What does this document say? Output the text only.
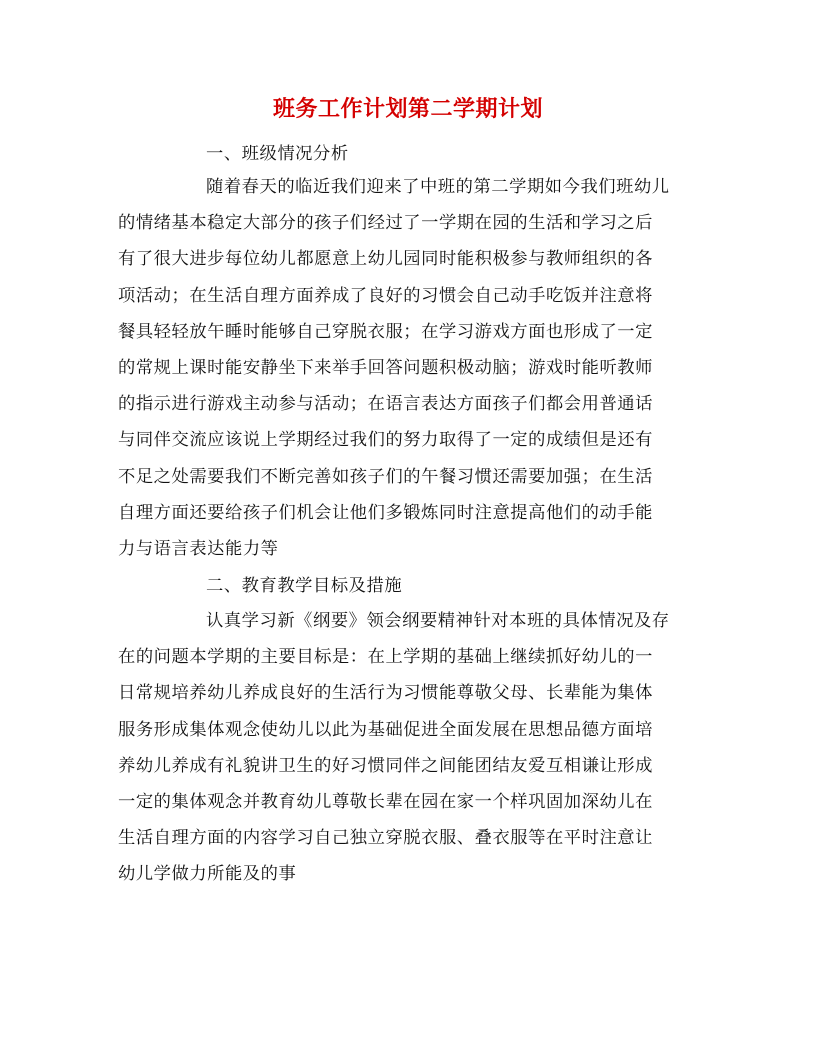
班务工作计划第二学期计划
一、班级情况分析
随着春天的临近我们迎来了中班的第二学期如今我们班幼儿
的情绪基本稳定大部分的孩子们经过了一学期在园的生活和学习之后
有了很大进步每位幼儿都愿意上幼儿园同时能积极参与教师组织的各
项活动；在生活自理方面养成了良好的习惯会自己动手吃饭并注意将
餐具轻轻放午睡时能够自己穿脱衣服；在学习游戏方面也形成了一定
的常规上课时能安静坐下来举手回答问题积极动脑；游戏时能听教师
的指示进行游戏主动参与活动；在语言表达方面孩子们都会用普通话
与同伴交流应该说上学期经过我们的努力取得了一定的成绩但是还有
不足之处需要我们不断完善如孩子们的午餐习惯还需要加强；在生活
自理方面还要给孩子们机会让他们多锻炼同时注意提高他们的动手能
力与语言表达能力等
二、教育教学目标及措施
认真学习新《纲要》领会纲要精神针对本班的具体情况及存
在的问题本学期的主要目标是：在上学期的基础上继续抓好幼儿的一
日常规培养幼儿养成良好的生活行为习惯能尊敬父母、长辈能为集体
服务形成集体观念使幼儿以此为基础促进全面发展在思想品德方面培
养幼儿养成有礼貌讲卫生的好习惯同伴之间能团结友爱互相谦让形成
一定的集体观念并教育幼儿尊敬长辈在园在家一个样巩固加深幼儿在
生活自理方面的内容学习自己独立穿脱衣服、叠衣服等在平时注意让
幼儿学做力所能及的事
